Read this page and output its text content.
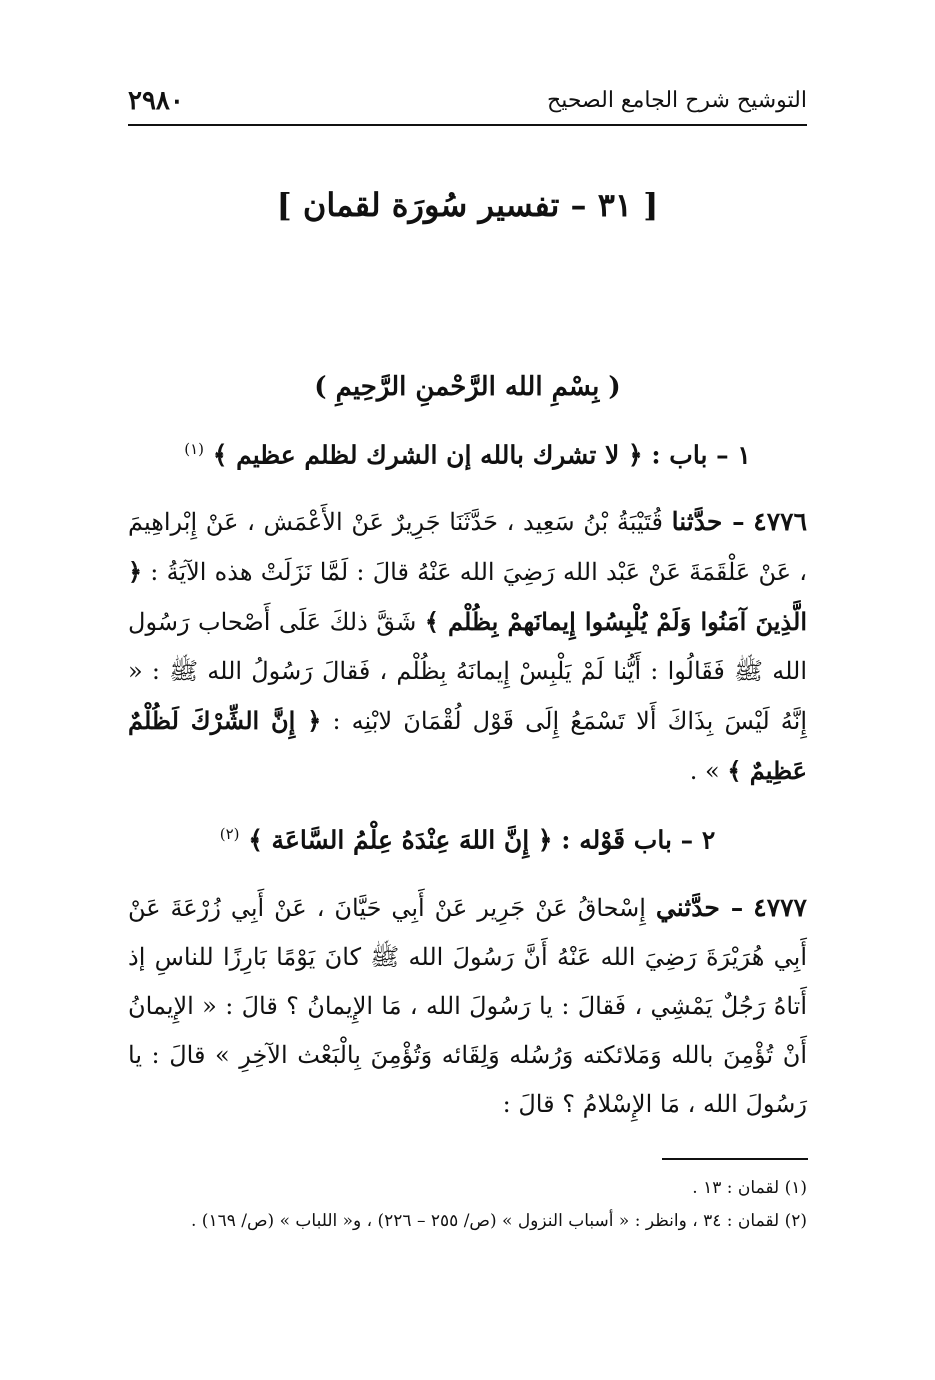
التوشيح شرح الجامع الصحيح
٢٩٨٠
[ ٣١ – تفسير سُورَة لقمان ]
( بِسْمِ الله الرَّحْمنِ الرَّحِيمِ )
١ – باب : ﴿ لا تشرك بالله إن الشرك لظلم عظيم ﴾ $^{(١)}$
٤٧٧٦ – حدَّثنا قُتَيْبَةُ بْنُ سَعِيد ، حَدَّثَنَا جَرِيرٌ عَنْ الأَعْمَش ، عَنْ إِبْراهِيمَ ، عَنْ عَلْقَمَةَ عَنْ عَبْد الله رَضِيَ الله عَنْهُ قالَ : لَمَّا نَزَلَتْ هذه الآيَةُ : ﴿ الَّذِينَ آمَنُوا وَلَمْ يُلْبِسُوا إِيمانَهمْ بِظُلْم ﴾ شَقَّ ذلكَ عَلَى أَصْحاب رَسُول الله ﷺ فَقَالُوا : أَيُّنا لَمْ يَلْبِسْ إِيمانَهُ بِظُلْم ، فَقالَ رَسُولُ الله ﷺ : « إِنَّهُ لَيْسَ بِذَاكَ أَلا تَسْمَعُ إِلَى قَوْل لُقْمَانَ لابْنِه : ﴿ إِنَّ الشِّرْكَ لَظُلْمٌ عَظِيمٌ ﴾ » .
٢ – باب قَوْله : ﴿ إِنَّ اللهَ عِنْدَهُ عِلْمُ السَّاعَة ﴾ $^{(٢)}$
٤٧٧٧ – حدَّثني إِسْحاقُ عَنْ جَرِير عَنْ أَبِي حَيَّانَ ، عَنْ أَبِي زُرْعَةَ عَنْ أَبِي هُرَيْرَةَ رَضِيَ الله عَنْهُ أَنَّ رَسُولَ الله ﷺ كانَ يَوْمًا بَارِزًا للناسِ إذ أَتاهُ رَجُلٌ يَمْشِي ، فَقالَ : يا رَسُولَ الله ، مَا الإِيمانُ ؟ قالَ : « الإِيمانُ أَنْ تُؤْمِنَ بالله وَمَلائكته وَرُسُله وَلِقَائه وَتُؤْمِنَ بِالْبَعْث الآخِرِ » قالَ : يا رَسُولَ الله ، مَا الإِسْلامُ ؟ قالَ :

(١) لقمان : ١٣ .

(٢) لقمان : ٣٤ ، وانظر : « أسباب النزول » (ص/ ٢٥٥ – ٢٢٦) ، و« اللباب » (ص/ ١٦٩) .
